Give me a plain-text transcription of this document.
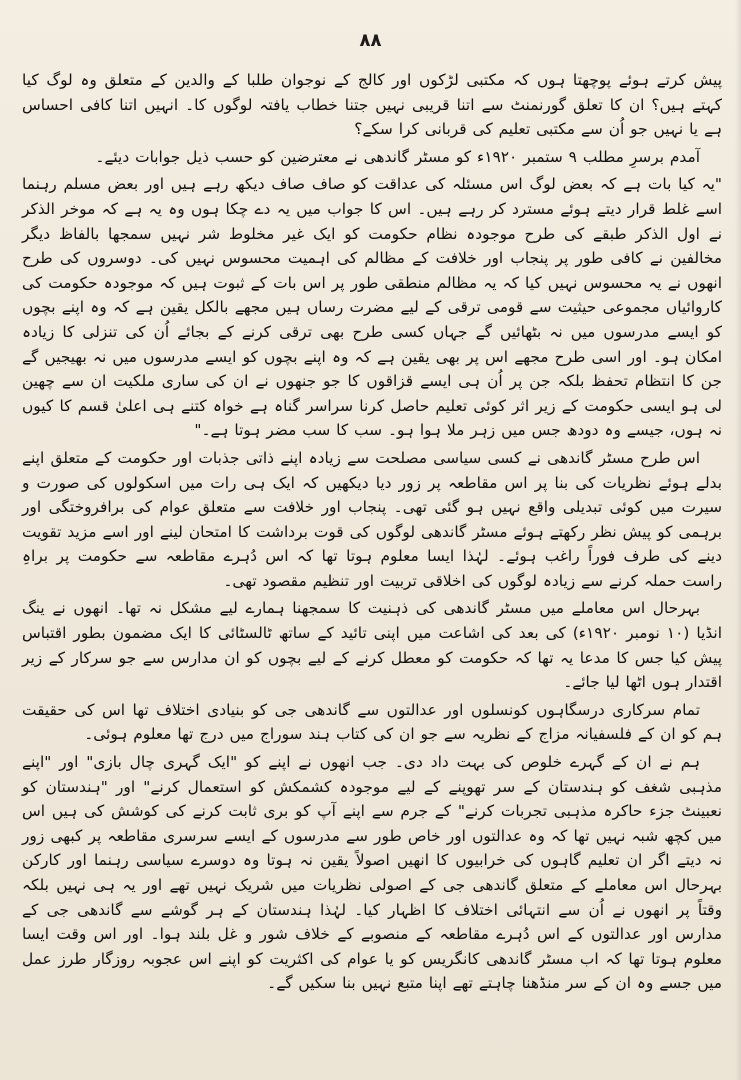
۸۸

پیش کرتے ہوئے پوچھتا ہوں کہ مکتبی لڑکوں اور کالج کے نوجوان طلبا کے والدین کے متعلق وہ لوگ کیا کہتے ہیں؟ ان کا تعلق گورنمنٹ سے اتنا قریبی نہیں جتنا خطاب یافتہ لوگوں کا۔ انہیں اتنا کافی احساس ہے یا نہیں جو اُن سے مکتبی تعلیم کی قربانی کرا سکے؟

آمدم برسرِ مطلب ۹ ستمبر ۱۹۲۰ء کو مسٹر گاندھی نے معترضین کو حسب ذیل جوابات دیئے۔

"یہ کیا بات ہے کہ بعض لوگ اس مسئلہ کی عداقت کو صاف صاف دیکھ رہے ہیں اور بعض مسلم رہنما اسے غلط قرار دیتے ہوئے مسترد کر رہے ہیں۔ اس کا جواب میں یہ دے چکا ہوں وہ یہ ہے کہ موخر الذکر نے اول الذکر طبقے کی طرح موجودہ نظام حکومت کو ایک غیر مخلوط شر نہیں سمجھا بالفاظ دیگر مخالفین نے کافی طور پر پنجاب اور خلافت کے مظالم کی اہمیت محسوس نہیں کی۔ دوسروں کی طرح انھوں نے یہ محسوس نہیں کیا کہ یہ مظالم منطقی طور پر اس بات کے ثبوت ہیں کہ موجودہ حکومت کی کاروائیاں مجموعی حیثیت سے قومی ترقی کے لیے مضرت رساں ہیں مجھے بالکل یقین ہے کہ وہ اپنے بچوں کو ایسے مدرسوں میں نہ بٹھائیں گے جہاں کسی طرح بھی ترقی کرنے کے بجائے اُن کی تنزلی کا زیادہ امکان ہو۔ اور اسی طرح مجھے اس پر بھی یقین ہے کہ وہ اپنے بچوں کو ایسے مدرسوں میں نہ بھیجیں گے جن کا انتظام تحفظ بلکہ جن پر اُن ہی ایسے قزاقوں کا جو جنھوں نے ان کی ساری ملکیت ان سے چھین لی ہو ایسی حکومت کے زیر اثر کوئی تعلیم حاصل کرنا سراسر گناہ ہے خواہ کتنے ہی اعلیٰ قسم کا کیوں نہ ہوں، جیسے وہ دودھ جس میں زہر ملا ہوا ہو۔ سب کا سب مضر ہوتا ہے۔"

اس طرح مسٹر گاندھی نے کسی سیاسی مصلحت سے زیادہ اپنے ذاتی جذبات اور حکومت کے متعلق اپنے بدلے ہوئے نظریات کی بنا پر اس مقاطعہ پر زور دیا دیکھیں کہ ایک ہی رات میں اسکولوں کی صورت و سیرت میں کوئی تبدیلی واقع نہیں ہو گئی تھی۔ پنجاب اور خلافت سے متعلق عوام کی برافروختگی اور برہمی کو پیش نظر رکھتے ہوئے مسٹر گاندھی لوگوں کی قوت برداشت کا امتحان لینے اور اسے مزید تقویت دینے کی طرف فوراً راغب ہوئے۔ لہٰذا ایسا معلوم ہوتا تھا کہ اس دُہرے مقاطعہ سے حکومت پر براہِ راست حملہ کرنے سے زیادہ لوگوں کی اخلاقی تربیت اور تنظیم مقصود تھی۔

بہرحال اس معاملے میں مسٹر گاندھی کی ذہنیت کا سمجھنا ہمارے لیے مشکل نہ تھا۔ انھوں نے ینگ انڈیا (۱۰ نومبر ۱۹۲۰ء) کی بعد کی اشاعت میں اپنی تائید کے ساتھ ٹالسٹائی کا ایک مضمون بطور اقتباس پیش کیا جس کا مدعا یہ تھا کہ حکومت کو معطل کرنے کے لیے بچوں کو ان مدارس سے جو سرکار کے زیر اقتدار ہوں اٹھا لیا جائے۔

تمام سرکاری درسگاہوں کونسلوں اور عدالتوں سے گاندھی جی کو بنیادی اختلاف تھا اس کی حقیقت ہم کو ان کے فلسفیانہ مزاج کے نظریہ سے جو ان کی کتاب ہند سوراج میں درج تھا معلوم ہوئی۔

ہم نے ان کے گہرے خلوص کی بہت داد دی۔ جب انھوں نے اپنے کو "ایک گہری چال بازی" اور "اپنے مذہبی شغف کو ہندستان کے سر تھوپنے کے لیے موجودہ کشمکش کو استعمال کرنے" اور "ہندستان کو نعبینٹ جزء حاکرہ مذہبی تجربات کرنے" کے جرم سے اپنے آپ کو بری ثابت کرنے کی کوشش کی ہیں اس میں کچھ شبہ نہیں تھا کہ وہ عدالتوں اور خاص طور سے مدرسوں کے ایسے سرسری مقاطعہ پر کبھی زور نہ دیتے اگر ان تعلیم گاہوں کی خرابیوں کا انھیں اصولاً یقین نہ ہوتا وہ دوسرے سیاسی رہنما اور کارکن بہرحال اس معاملے کے متعلق گاندھی جی کے اصولی نظریات میں شریک نہیں تھے اور یہ ہی نہیں بلکہ وقتاً پر انھوں نے اُن سے انتہائی اختلاف کا اظہار کیا۔ لہٰذا ہندستان کے ہر گوشے سے گاندھی جی کے مدارس اور عدالتوں کے اس دُہرے مقاطعہ کے منصوبے کے خلاف شور و غل بلند ہوا۔ اور اس وقت ایسا معلوم ہوتا تھا کہ اب مسٹر گاندھی کانگریس کو یا عوام کی اکثریت کو اپنے اس عجوبہ روزگار طرز عمل میں جسے وہ ان کے سر منڈھنا چاہتے تھے اپنا متبع نہیں بنا سکیں گے۔
